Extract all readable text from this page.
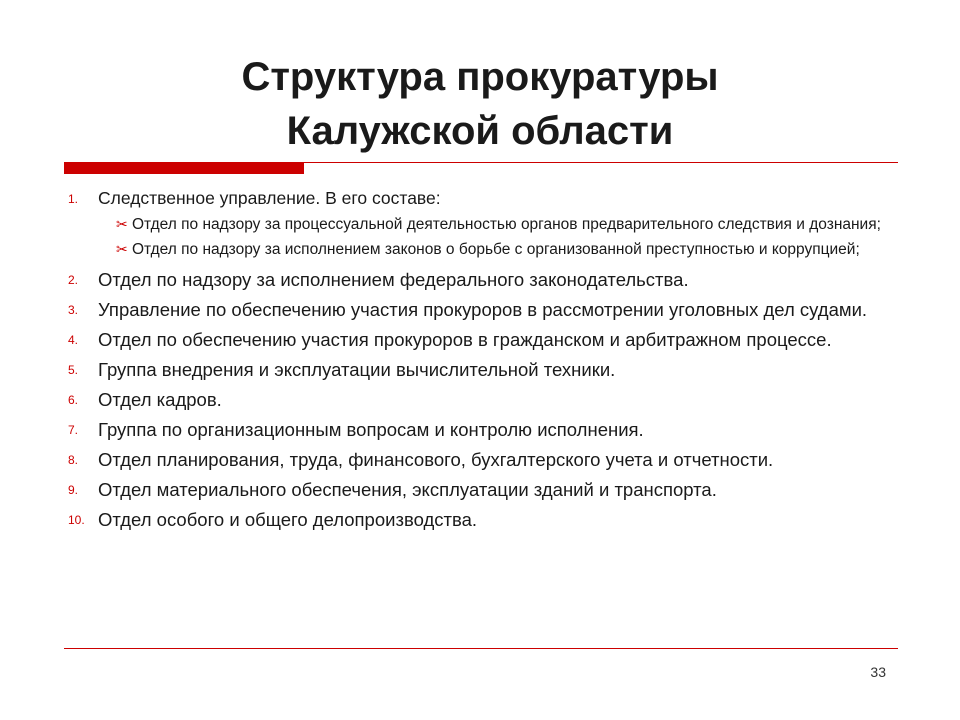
Структура прокуратуры
Калужской области
1. Следственное управление. В его составе:
✂ Отдел по надзору за процессуальной деятельностью органов предварительного следствия и дознания;
✂ Отдел по надзору за исполнением законов о борьбе с организованной преступностью и коррупцией;
2. Отдел по надзору за исполнением федерального законодательства.
3. Управление по обеспечению участия прокуроров в рассмотрении уголовных дел судами.
4. Отдел по обеспечению участия прокуроров в гражданском и арбитражном процессе.
5. Группа внедрения и эксплуатации вычислительной техники.
6. Отдел кадров.
7. Группа по организационным вопросам и контролю исполнения.
8. Отдел планирования, труда, финансового, бухгалтерского учета и отчетности.
9. Отдел материального обеспечения, эксплуатации зданий и транспорта.
10. Отдел особого и общего делопроизводства.
33
